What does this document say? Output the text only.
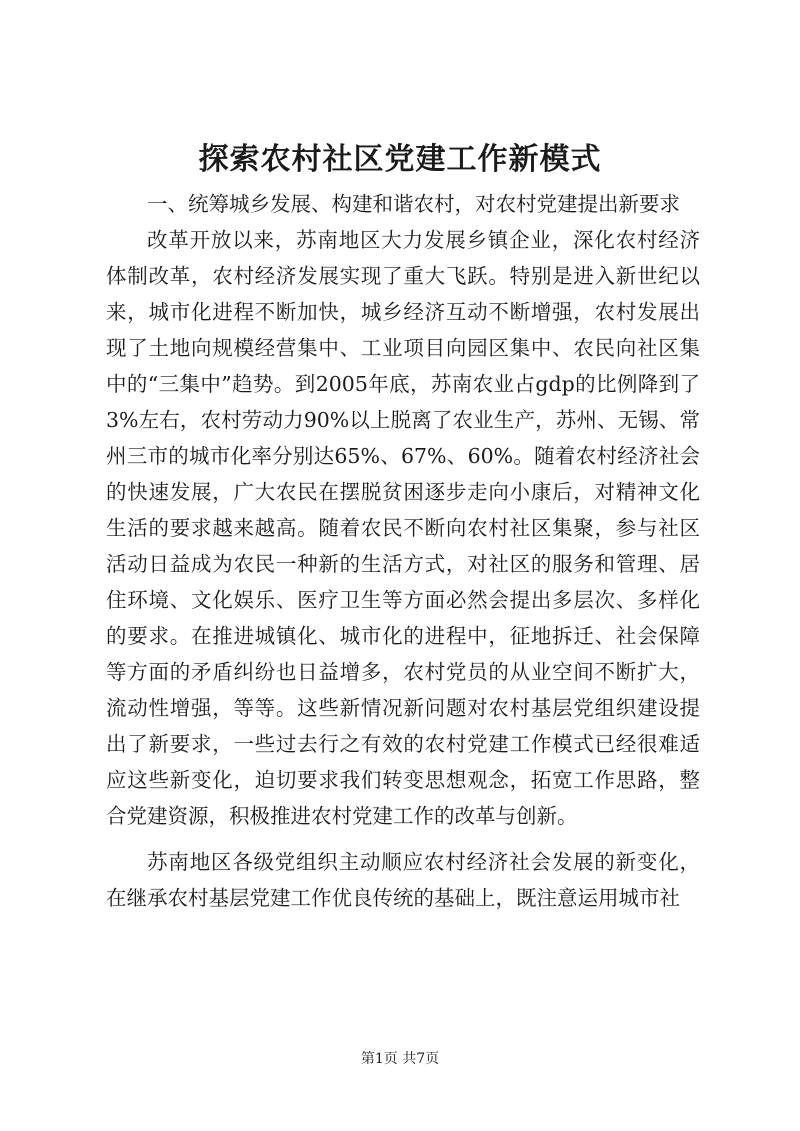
探索农村社区党建工作新模式

一、统筹城乡发展、构建和谐农村，对农村党建提出新要求

改革开放以来，苏南地区大力发展乡镇企业，深化农村经济体制改革，农村经济发展实现了重大飞跃。特别是进入新世纪以来，城市化进程不断加快，城乡经济互动不断增强，农村发展出现了土地向规模经营集中、工业项目向园区集中、农民向社区集中的“三集中”趋势。到2005年底，苏南农业占gdp的比例降到了3%左右，农村劳动力90%以上脱离了农业生产，苏州、无锡、常州三市的城市化率分别达65%、67%、60%。随着农村经济社会的快速发展，广大农民在摆脱贫困逐步走向小康后，对精神文化生活的要求越来越高。随着农民不断向农村社区集聚，参与社区活动日益成为农民一种新的生活方式，对社区的服务和管理、居住环境、文化娱乐、医疗卫生等方面必然会提出多层次、多样化的要求。在推进城镇化、城市化的进程中，征地拆迁、社会保障等方面的矛盾纠纷也日益增多，农村党员的从业空间不断扩大，流动性增强，等等。这些新情况新问题对农村基层党组织建设提出了新要求，一些过去行之有效的农村党建工作模式已经很难适应这些新变化，迫切要求我们转变思想观念，拓宽工作思路，整合党建资源，积极推进农村党建工作的改革与创新。

苏南地区各级党组织主动顺应农村经济社会发展的新变化，在继承农村基层党建工作优良传统的基础上，既注意运用城市社

第1页 共7页
